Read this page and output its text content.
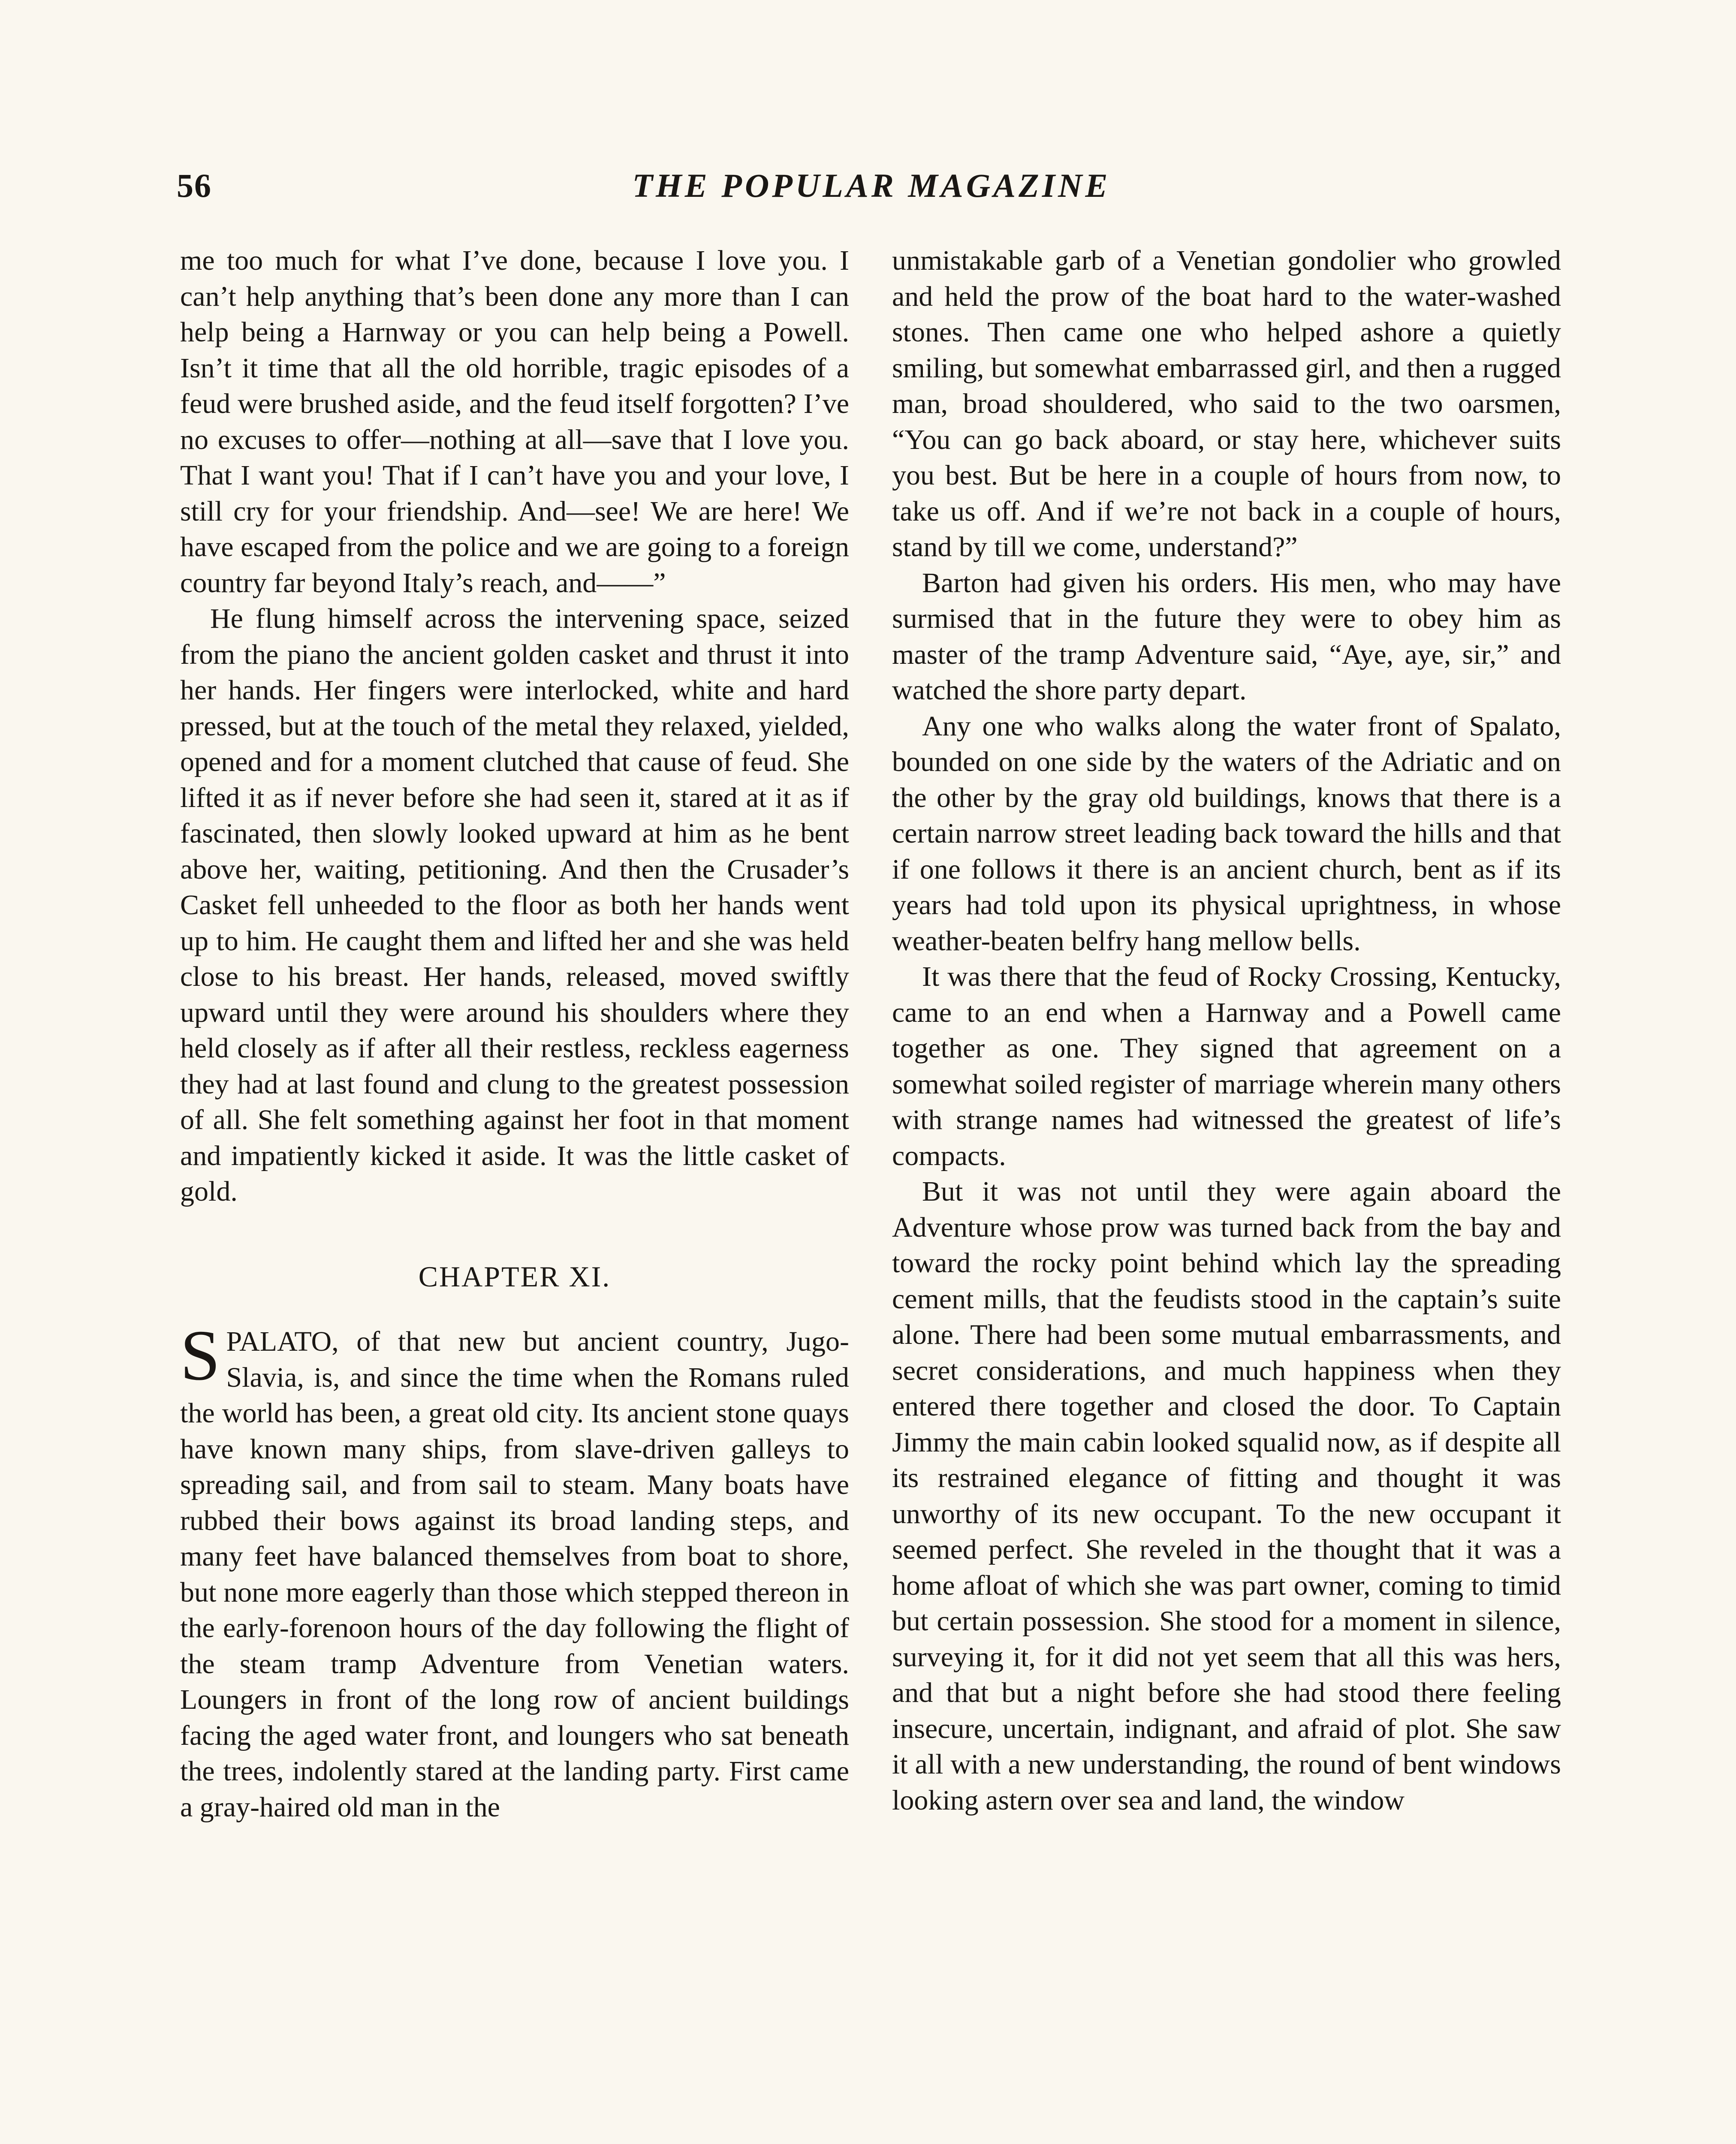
56	THE POPULAR MAGAZINE

me too much for what I’ve done, because I love you. I can’t help anything that’s been done any more than I can help being a Harnway or you can help being a Powell. Isn’t it time that all the old horrible, tragic episodes of a feud were brushed aside, and the feud itself forgotten? I’ve no excuses to offer—nothing at all—save that I love you. That I want you! That if I can’t have you and your love, I still cry for your friendship. And—see! We are here! We have escaped from the police and we are going to a foreign country far beyond Italy’s reach, and——”

He flung himself across the intervening space, seized from the piano the ancient golden casket and thrust it into her hands. Her fingers were interlocked, white and hard pressed, but at the touch of the metal they relaxed, yielded, opened and for a moment clutched that cause of feud. She lifted it as if never before she had seen it, stared at it as if fascinated, then slowly looked upward at him as he bent above her, waiting, petitioning. And then the Crusader’s Casket fell unheeded to the floor as both her hands went up to him. He caught them and lifted her and she was held close to his breast. Her hands, released, moved swiftly upward until they were around his shoulders where they held closely as if after all their restless, reckless eagerness they had at last found and clung to the greatest possession of all. She felt something against her foot in that moment and impatiently kicked it aside. It was the little casket of gold.

CHAPTER XI.

SPALATO, of that new but ancient country, Jugo-Slavia, is, and since the time when the Romans ruled the world has been, a great old city. Its ancient stone quays have known many ships, from slave-driven galleys to spreading sail, and from sail to steam. Many boats have rubbed their bows against its broad landing steps, and many feet have balanced themselves from boat to shore, but none more eagerly than those which stepped thereon in the early-forenoon hours of the day following the flight of the steam tramp Adventure from Venetian waters. Loungers in front of the long row of ancient buildings facing the aged water front, and loungers who sat beneath the trees, indolently stared at the landing party. First came a gray-haired old man in the

unmistakable garb of a Venetian gondolier who growled and held the prow of the boat hard to the water-washed stones. Then came one who helped ashore a quietly smiling, but somewhat embarrassed girl, and then a rugged man, broad shouldered, who said to the two oarsmen, “You can go back aboard, or stay here, whichever suits you best. But be here in a couple of hours from now, to take us off. And if we’re not back in a couple of hours, stand by till we come, understand?”

Barton had given his orders. His men, who may have surmised that in the future they were to obey him as master of the tramp Adventure said, “Aye, aye, sir,” and watched the shore party depart.

Any one who walks along the water front of Spalato, bounded on one side by the waters of the Adriatic and on the other by the gray old buildings, knows that there is a certain narrow street leading back toward the hills and that if one follows it there is an ancient church, bent as if its years had told upon its physical uprightness, in whose weather-beaten belfry hang mellow bells.

It was there that the feud of Rocky Crossing, Kentucky, came to an end when a Harnway and a Powell came together as one. They signed that agreement on a somewhat soiled register of marriage wherein many others with strange names had witnessed the greatest of life’s compacts.

But it was not until they were again aboard the Adventure whose prow was turned back from the bay and toward the rocky point behind which lay the spreading cement mills, that the feudists stood in the captain’s suite alone. There had been some mutual embarrassments, and secret considerations, and much happiness when they entered there together and closed the door. To Captain Jimmy the main cabin looked squalid now, as if despite all its restrained elegance of fitting and thought it was unworthy of its new occupant. To the new occupant it seemed perfect. She reveled in the thought that it was a home afloat of which she was part owner, coming to timid but certain possession. She stood for a moment in silence, surveying it, for it did not yet seem that all this was hers, and that but a night before she had stood there feeling insecure, uncertain, indignant, and afraid of plot. She saw it all with a new understanding, the round of bent windows looking astern over sea and land, the window
